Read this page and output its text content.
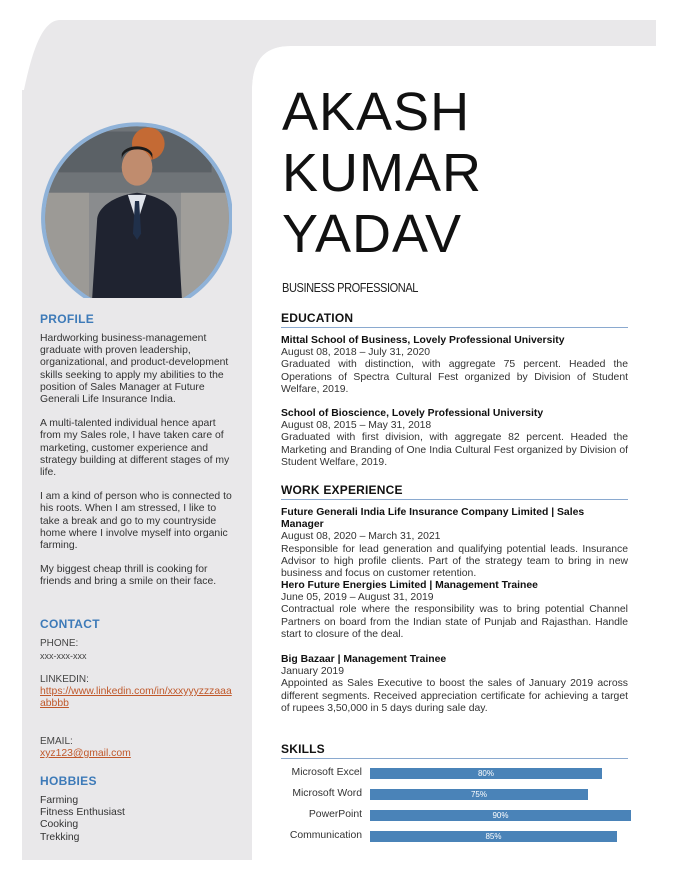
PROFILE

Hardworking business-management graduate with proven leadership, organizational, and product-development skills seeking to apply my abilities to the position of Sales Manager at Future Generali Life Insurance India.

A multi-talented individual hence apart from my Sales role, I have taken care of marketing, customer experience and strategy building at different stages of my life.

I am a kind of person who is connected to his roots. When I am stressed, I like to take a break and go to my countryside home where I involve myself into organic farming.

My biggest cheap thrill is cooking for friends and bring a smile on their face.

CONTACT
PHONE:
xxx-xxx-xxx
LINKEDIN:
https://www.linkedin.com/in/xxxyyyzzzaaaabbbb
EMAIL:
xyz123@gmail.com
HOBBIES
Farming
Fitness Enthusiast
Cooking
Trekking
AKASH
KUMAR
YADAV
BUSINESS PROFESSIONAL
EDUCATION
Mittal School of Business, Lovely Professional University
August 08, 2018 – July 31, 2020
Graduated with distinction, with aggregate 75 percent. Headed the Operations of Spectra Cultural Fest organized by Division of Student Welfare, 2019.
School of Bioscience, Lovely Professional University
August 08, 2015 – May 31, 2018
Graduated with first division, with aggregate 82 percent. Headed the Marketing and Branding of One India Cultural Fest organized by Division of Student Welfare, 2019.
WORK EXPERIENCE
Future Generali India Life Insurance Company Limited | Sales Manager
August 08, 2020 – March 31, 2021
Responsible for lead generation and qualifying potential leads. Insurance Advisor to high profile clients. Part of the strategy team to bring in new business and focus on customer retention.
Hero Future Energies Limited | Management Trainee
June 05, 2019 – August 31, 2019
Contractual role where the responsibility was to bring potential Channel Partners on board from the Indian state of Punjab and Rajasthan. Handle start to closure of the deal.
Big Bazaar | Management Trainee
January 2019
Appointed as Sales Executive to boost the sales of January 2019 across different segments. Received appreciation certificate for achieving a target of rupees 3,50,000 in 5 days during sale day.
SKILLS
Microsoft Excel	80%
Microsoft Word	75%
PowerPoint	90%
Communication	85%
